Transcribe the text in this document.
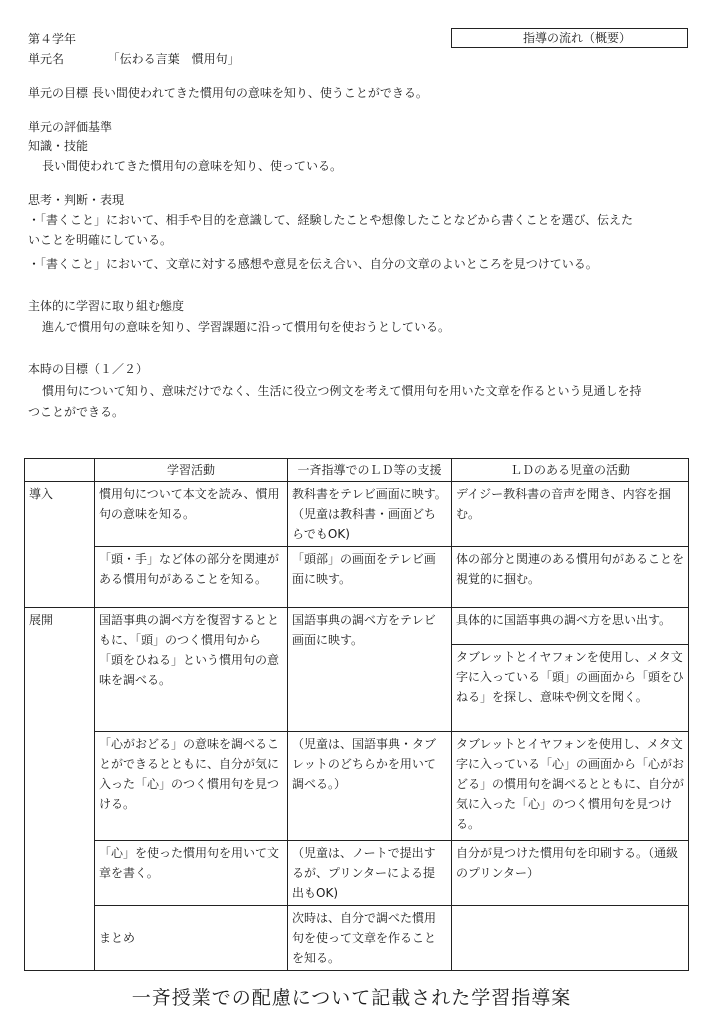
第４学年	指導の流れ（概要）
単元名	「伝わる言葉　慣用句」
単元の目標 長い間使われてきた慣用句の意味を知り、使うことができる。
単元の評価基準
知識・技能
長い間使われてきた慣用句の意味を知り、使っている。
思考・判断・表現
・「書くこと」において、相手や目的を意識して、経験したことや想像したことなどから書くことを選び、伝えた
いことを明確にしている。
・「書くこと」において、文章に対する感想や意見を伝え合い、自分の文章のよいところを見つけている。
主体的に学習に取り組む態度
進んで慣用句の意味を知り、学習課題に沿って慣用句を使おうとしている。
本時の目標（１／２）
慣用句について知り、意味だけでなく、生活に役立つ例文を考えて慣用句を用いた文章を作るという見通しを持
つことができる。
	学習活動	一斉指導でのＬＤ等の支援	ＬＤのある児童の活動	
導入	慣用句について本文を読み、慣用句の意味を知る。	教科書をテレビ画面に映す。（児童は教科書・画面どちらでもOK)	デイジー教科書の音声を聞き、内容を掴む。	
	「頭・手」など体の部分を関連がある慣用句があることを知る。	「頭部」の画面をテレビ画面に映す。	体の部分と関連のある慣用句があることを視覚的に掴む。	
展開	国語事典の調べ方を復習するとともに、「頭」のつく慣用句から「頭をひねる」という慣用句の意味を調べる。	国語事典の調べ方をテレビ画面に映す。	具体的に国語事典の調べ方を思い出す。	
			タブレットとイヤフォンを使用し、メタ文字に入っている「頭」の画面から「頭をひねる」を探し、意味や例文を聞く。	
	「心がおどる」の意味を調べることができるとともに、自分が気に入った「心」のつく慣用句を見つける。	（児童は、国語事典・タブレットのどちらかを用いて調べる。）	タブレットとイヤフォンを使用し、メタ文字に入っている「心」の画面から「心がおどる」の慣用句を調べるとともに、自分が気に入った「心」のつく慣用句を見つける。	
	「心」を使った慣用句を用いて文章を書く。	（児童は、ノートで提出するが、プリンターによる提出もOK)	自分が見つけた慣用句を印刷する。（通級のプリンター）	
	まとめ	次時は、自分で調べた慣用句を使って文章を作ることを知る。		
一斉授業での配慮について記載された学習指導案
